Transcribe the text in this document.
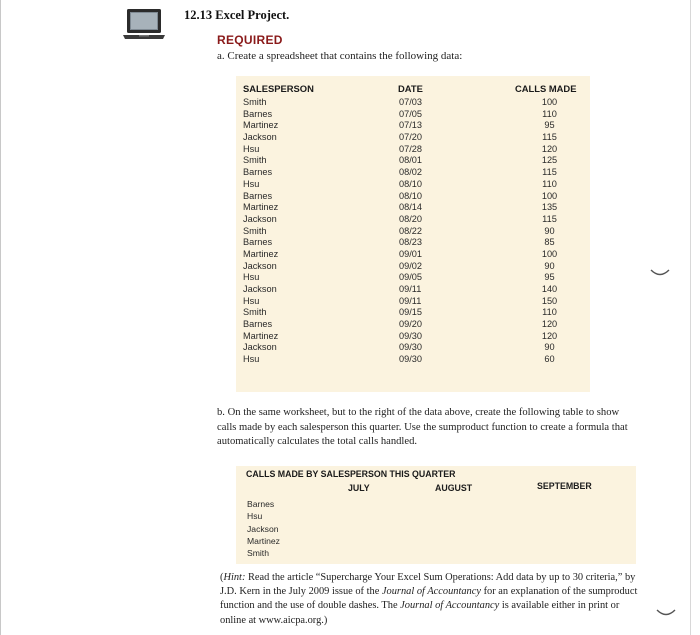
12.13 Excel Project.
REQUIRED
a. Create a spreadsheet that contains the following data:
SALESPERSON	DATE	CALLS MADE
Smith	07/03	100
Barnes	07/05	110
Martinez	07/13	95
Jackson	07/20	115
Hsu	07/28	120
Smith	08/01	125
Barnes	08/02	115
Hsu	08/10	110
Barnes	08/10	100
Martinez	08/14	135
Jackson	08/20	115
Smith	08/22	90
Barnes	08/23	85
Martinez	09/01	100
Jackson	09/02	90
Hsu	09/05	95
Jackson	09/11	140
Hsu	09/11	150
Smith	09/15	110
Barnes	09/20	120
Martinez	09/30	120
Jackson	09/30	90
Hsu	09/30	60
b. On the same worksheet, but to the right of the data above, create the following table to show calls made by each salesperson this quarter. Use the sumproduct function to create a formula that automatically calculates the total calls handled.
CALLS MADE BY SALESPERSON THIS QUARTER
JULY	AUGUST	SEPTEMBER
Barnes
Hsu
Jackson
Martinez
Smith
(Hint: Read the article “Supercharge Your Excel Sum Operations: Add data by up to 30 criteria,” by J.D. Kern in the July 2009 issue of the Journal of Accountancy for an explanation of the sumproduct function and the use of double dashes. The Journal of Accountancy is available either in print or online at www.aicpa.org.)
